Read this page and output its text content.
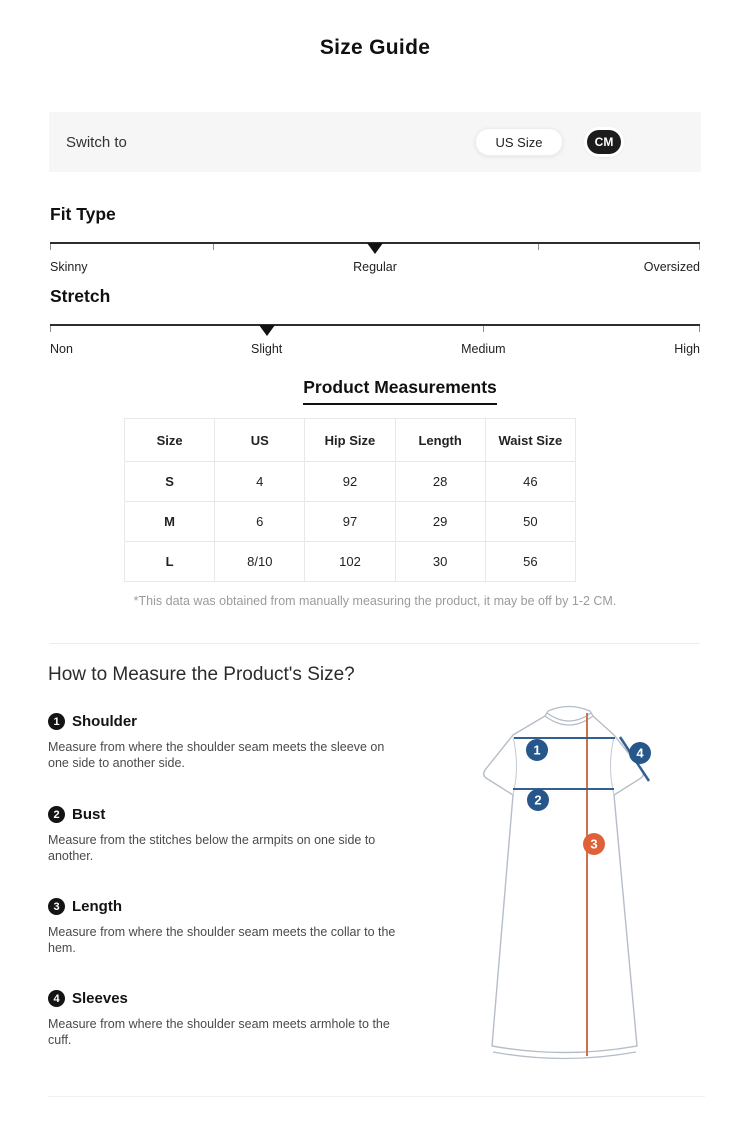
Size Guide
Switch to	US Size	CM
Fit Type
Skinny	Regular	Oversized
Stretch
Non	Slight	Medium	High
Product Measurements
Size	US	Hip Size	Length	Waist Size
S	4	92	28	46
M	6	97	29	50
L	8/10	102	30	56
*This data was obtained from manually measuring the product, it may be off by 1-2 CM.
How to Measure the Product's Size?
1 Shoulder
Measure from where the shoulder seam meets the sleeve on one side to another side.
2 Bust
Measure from the stitches below the armpits on one side to another.
3 Length
Measure from where the shoulder seam meets the collar to the hem.
4 Sleeves
Measure from where the shoulder seam meets armhole to the cuff.
1
2
4
3
